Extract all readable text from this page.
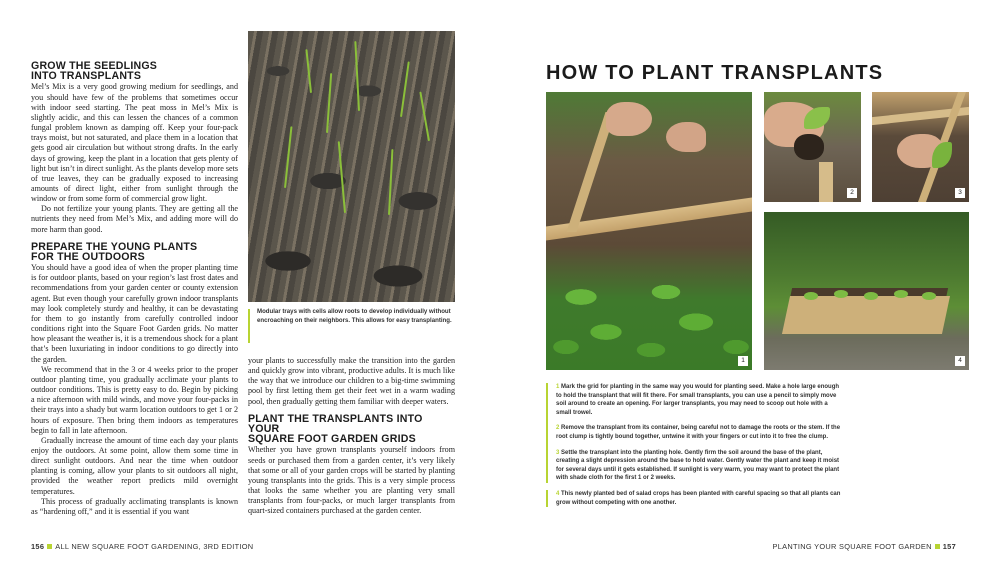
GROW THE SEEDLINGS
INTO TRANSPLANTS

Mel’s Mix is a very good growing medium for seedlings, and you should have few of the problems that sometimes occur with indoor seed starting. The peat moss in Mel’s Mix is slightly acidic, and this can lessen the chances of a common fungal problem known as damping off. Keep your four-pack trays moist, but not saturated, and place them in a location that gets good air circulation but without strong drafts. In the early days of growing, keep the plant in a location that gets plenty of light but isn’t in direct sunlight. As the plants develop more sets of true leaves, they can be gradually exposed to increasing amounts of direct light, either from sunlight through the window or from some form of commercial grow light.

Do not fertilize your young plants. They are getting all the nutrients they need from Mel’s Mix, and adding more will do more harm than good.

PREPARE THE YOUNG PLANTS
FOR THE OUTDOORS

You should have a good idea of when the proper planting time is for outdoor plants, based on your region’s last frost dates and recommendations from your garden center or county extension agent. But even though your carefully grown indoor transplants may look completely sturdy and healthy, it can be devastating for them to go instantly from carefully controlled indoor conditions right into the Square Foot Garden grids. No matter how pleasant the weather is, it is a tremendous shock for a plant that’s been luxuriating in indoor conditions to go directly into the garden.

We recommend that in the 3 or 4 weeks prior to the proper outdoor planting time, you gradually acclimate your plants to outdoor conditions. This is pretty easy to do. Begin by picking a nice afternoon with mild winds, and move your four-packs in their trays into a shady but warm location outdoors to get 1 or 2 hours of exposure. Then bring them indoors as temperatures begin to fall in late afternoon.

Gradually increase the amount of time each day your plants enjoy the outdoors. At some point, allow them some time in direct sunlight outdoors. And near the time when outdoor planting is coming, allow your plants to sit outdoors all night, provided the weather report predicts mild overnight temperatures.

This process of gradually acclimating transplants is known as “hardening off,” and it is essential if you want

Modular trays with cells allow roots to develop individually without encroaching on their neighbors. This allows for easy transplanting.

your plants to successfully make the transition into the garden and quickly grow into vibrant, productive adults. It is much like the way that we introduce our children to a big-time swimming pool by first letting them get their feet wet in a warm wading pool, then gradually getting them familiar with deeper waters.

PLANT THE TRANSPLANTS INTO YOUR
SQUARE FOOT GARDEN GRIDS

Whether you have grown transplants yourself indoors from seeds or purchased them from a garden center, it’s very likely that some or all of your garden crops will be started by planting young transplants into the grids. This is a very simple process that looks the same whether you are planting very small transplants from four-packs, or much larger transplants from quart-sized containers purchased at the garden center.

156 ALL NEW SQUARE FOOT GARDENING, 3RD EDITION
HOW TO PLANT TRANSPLANTS
1
2	3
4
1 Mark the grid for planting in the same way you would for planting seed. Make a hole large enough to hold the transplant that will fit there. For small transplants, you can use a pencil to simply move soil around to create an opening. For larger transplants, you may need to scoop out hole with a small trowel.
2 Remove the transplant from its container, being careful not to damage the roots or the stem. If the root clump is tightly bound together, untwine it with your fingers or cut into it to free the clump.
3 Settle the transplant into the planting hole. Gently firm the soil around the base of the plant, creating a slight depression around the base to hold water. Gently water the plant and keep it moist for several days until it gets established. If sunlight is very warm, you may want to protect the plant with shade cloth for the first 1 or 2 weeks.
4 This newly planted bed of salad crops has been planted with careful spacing so that all plants can grow without competing with one another.
PLANTING YOUR SQUARE FOOT GARDEN 157
